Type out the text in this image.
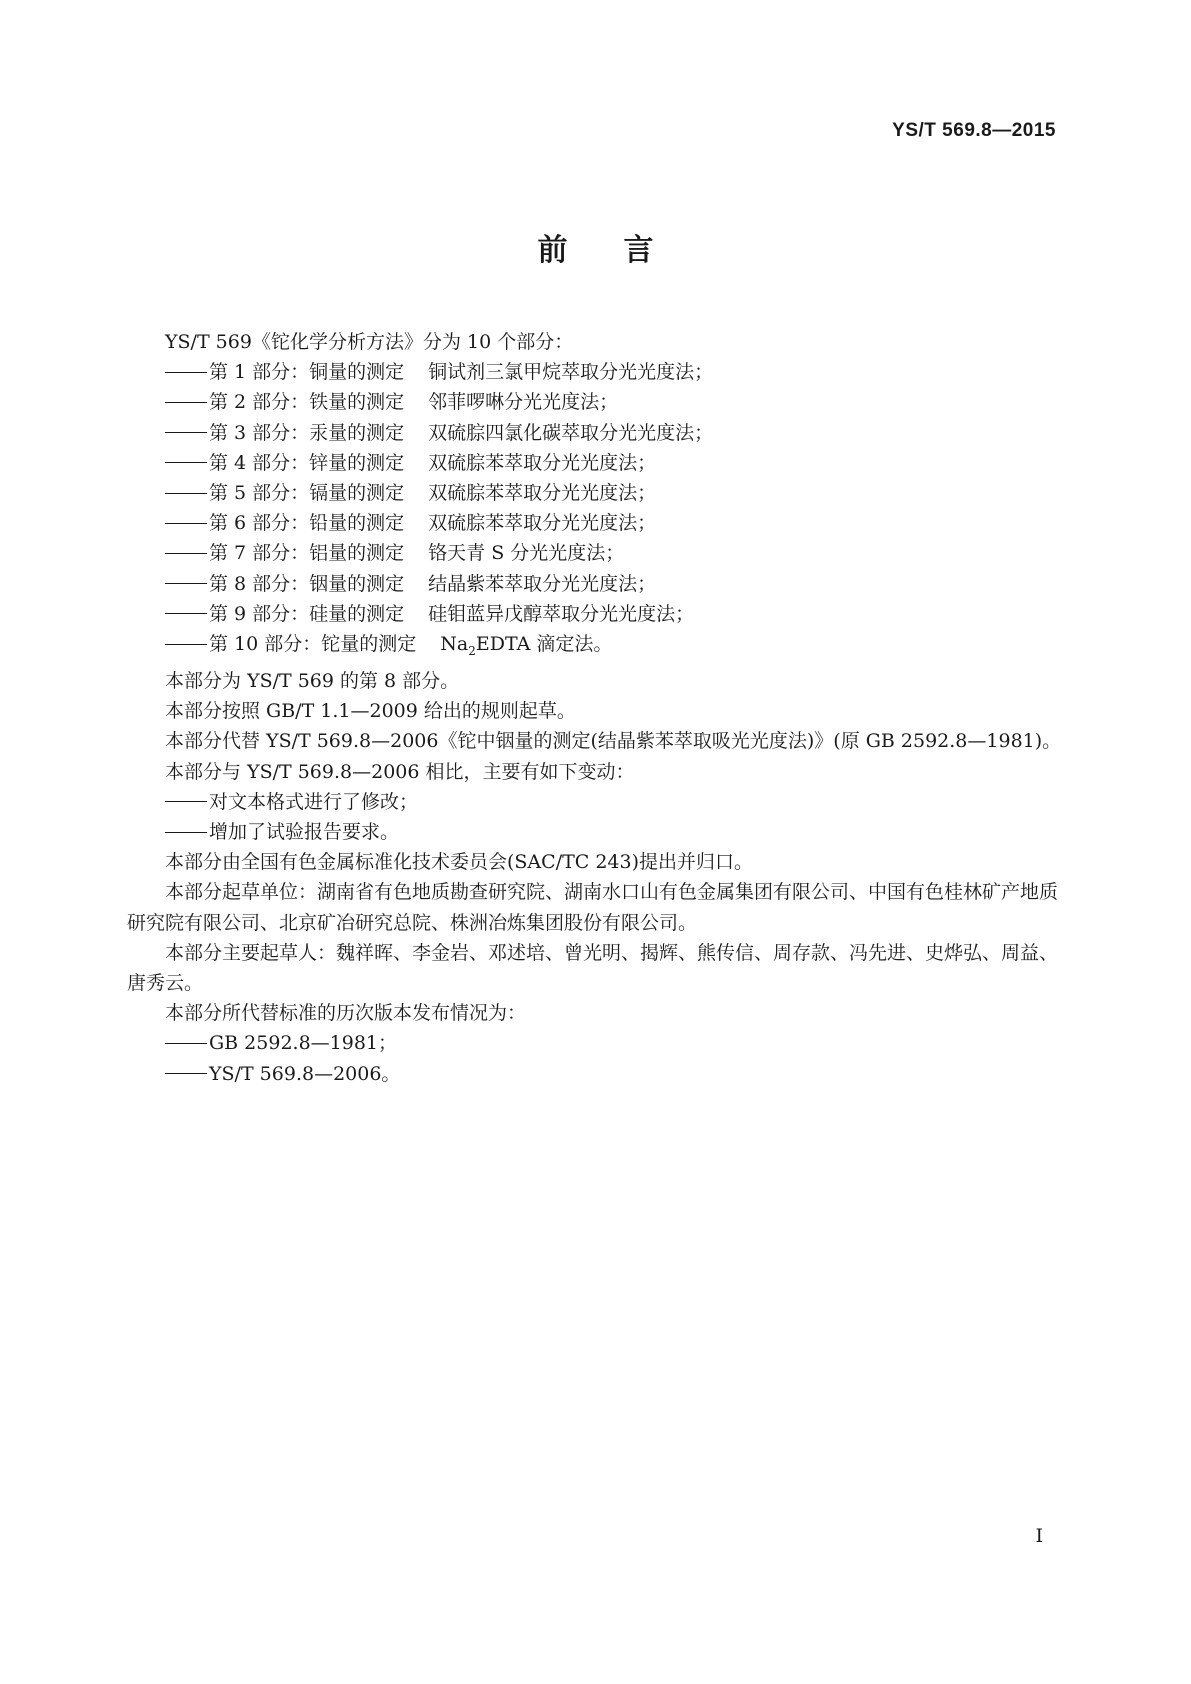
YS/T 569.8—2015
前言

YS/T 569《铊化学分析方法》分为 10 个部分：

第 1 部分：铜量的测定 铜试剂三氯甲烷萃取分光光度法；

第 2 部分：铁量的测定 邻菲啰啉分光光度法；

第 3 部分：汞量的测定 双硫腙四氯化碳萃取分光光度法；

第 4 部分：锌量的测定 双硫腙苯萃取分光光度法；

第 5 部分：镉量的测定 双硫腙苯萃取分光光度法；

第 6 部分：铅量的测定 双硫腙苯萃取分光光度法；

第 7 部分：铝量的测定 铬天青 S 分光光度法；

第 8 部分：铟量的测定 结晶紫苯萃取分光光度法；

第 9 部分：硅量的测定 硅钼蓝异戊醇萃取分光光度法；

第 10 部分：铊量的测定 $Na_2EDTA$ 滴定法。

本部分为 YS/T 569 的第 8 部分。

本部分按照 GB/T 1.1—2009 给出的规则起草。

本部分代替 YS/T 569.8—2006《铊中铟量的测定(结晶紫苯萃取吸光光度法)》(原 GB 2592.8—1981)。

本部分与 YS/T 569.8—2006 相比，主要有如下变动：

对文本格式进行了修改；

增加了试验报告要求。

本部分由全国有色金属标准化技术委员会(SAC/TC 243)提出并归口。

本部分起草单位：湖南省有色地质勘查研究院、湖南水口山有色金属集团有限公司、中国有色桂林矿产地质研究院有限公司、北京矿冶研究总院、株洲冶炼集团股份有限公司。

本部分主要起草人：魏祥晖、李金岩、邓述培、曾光明、揭辉、熊传信、周存款、冯先进、史烨弘、周益、唐秀云。

本部分所代替标准的历次版本发布情况为：

GB 2592.8—1981；

YS/T 569.8—2006。

I
